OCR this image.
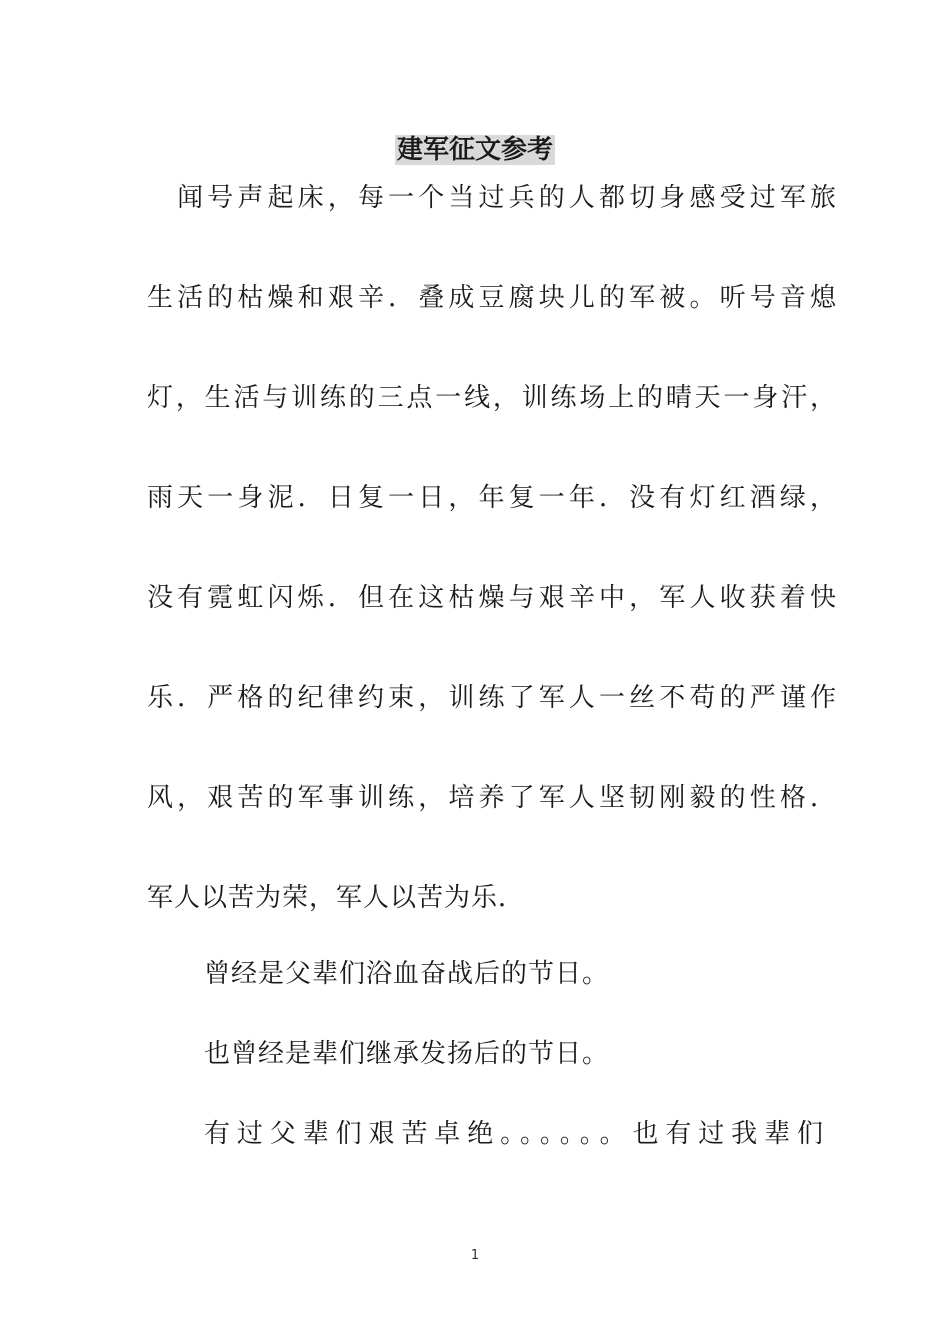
建军征文参考
　闻号声起床，每一个当过兵的人都切身感受过军旅
生活的枯燥和艰辛．叠成豆腐块儿的军被。听号音熄
灯，生活与训练的三点一线，训练场上的晴天一身汗，
雨天一身泥．日复一日，年复一年．没有灯红酒绿，
没有霓虹闪烁．但在这枯燥与艰辛中，军人收获着快
乐．严格的纪律约束，训练了军人一丝不苟的严谨作
风，艰苦的军事训练，培养了军人坚韧刚毅的性格．
军人以苦为荣，军人以苦为乐．
曾经是父辈们浴血奋战后的节日。
也曾经是辈们继承发扬后的节日。
有过父辈们艰苦卓绝。。。。。。也有过我辈们
1
